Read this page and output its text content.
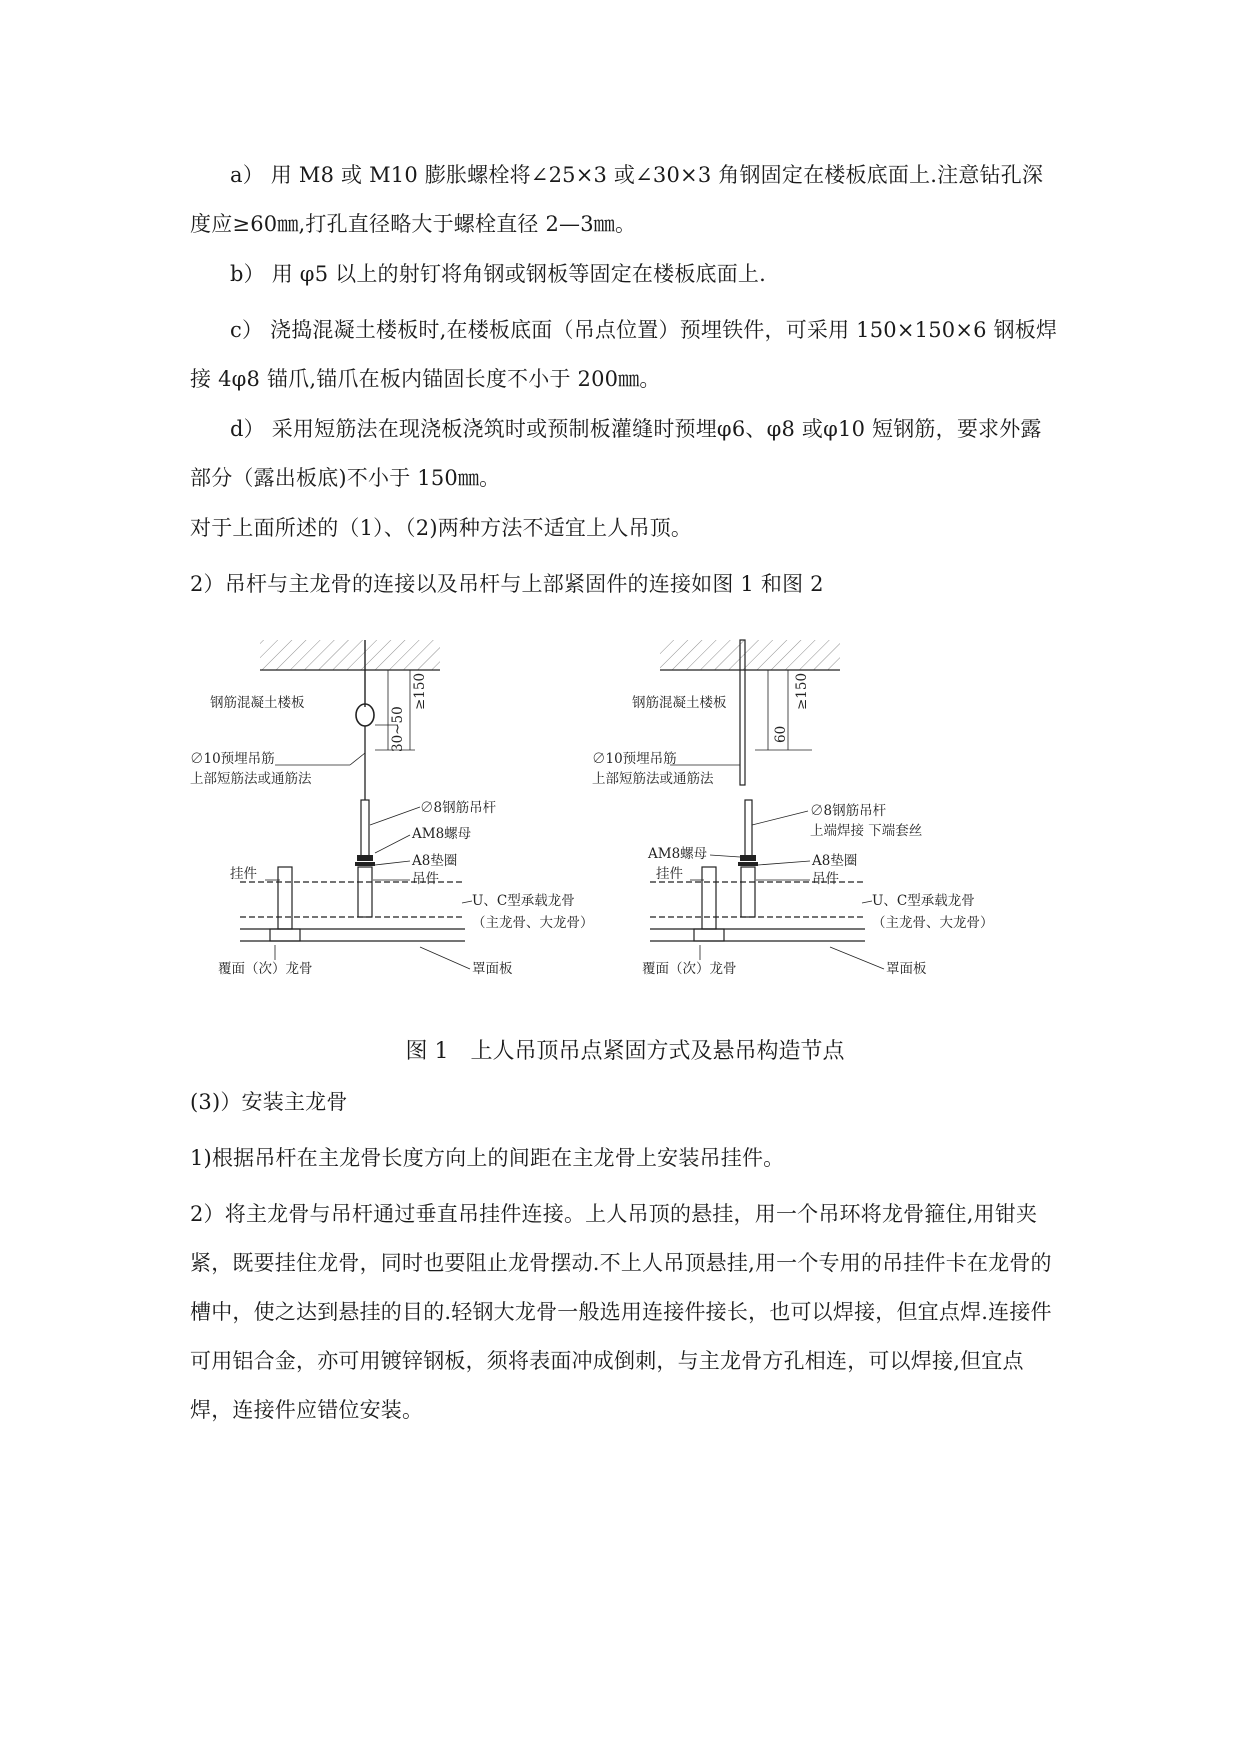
a） 用 M8 或 M10 膨胀螺栓将∠25×3 或∠30×3 角钢固定在楼板底面上.注意钻孔深度应≥60㎜,打孔直径略大于螺栓直径 2—3㎜。

b） 用 φ5 以上的射钉将角钢或钢板等固定在楼板底面上.

c） 浇捣混凝土楼板时,在楼板底面（吊点位置）预埋铁件，可采用 150×150×6 钢板焊接 4φ8 锚爪,锚爪在板内锚固长度不小于 200㎜。

d） 采用短筋法在现浇板浇筑时或预制板灌缝时预埋φ6、φ8 或φ10 短钢筋，要求外露部分（露出板底)不小于 150㎜。

对于上面所述的（1）、（2)两种方法不适宜上人吊顶。

2）吊杆与主龙骨的连接以及吊杆与上部紧固件的连接如图 1 和图 2

30~50
≥150
钢筋混凝土楼板
∅10预埋吊筋
上部短筋法或通筋法
∅8钢筋吊杆
AM8螺母
A8垫圈
吊件
挂件
U、C型承载龙骨
（主龙骨、大龙骨）
覆面（次）龙骨	罩面板
60
≥150
钢筋混凝土楼板
∅10预埋吊筋
上部短筋法或通筋法
∅8钢筋吊杆
上端焊接 下端套丝
AM8螺母	A8垫圈
吊件
挂件
U、C型承载龙骨
（主龙骨、大龙骨）
覆面（次）龙骨	罩面板

图 1　上人吊顶吊点紧固方式及悬吊构造节点

(3)）安装主龙骨

1)根据吊杆在主龙骨长度方向上的间距在主龙骨上安装吊挂件。

2）将主龙骨与吊杆通过垂直吊挂件连接。上人吊顶的悬挂，用一个吊环将龙骨箍住,用钳夹紧，既要挂住龙骨，同时也要阻止龙骨摆动.不上人吊顶悬挂,用一个专用的吊挂件卡在龙骨的槽中，使之达到悬挂的目的.轻钢大龙骨一般选用连接件接长，也可以焊接，但宜点焊.连接件可用铝合金，亦可用镀锌钢板，须将表面冲成倒刺，与主龙骨方孔相连，可以焊接,但宜点焊，连接件应错位安装。
